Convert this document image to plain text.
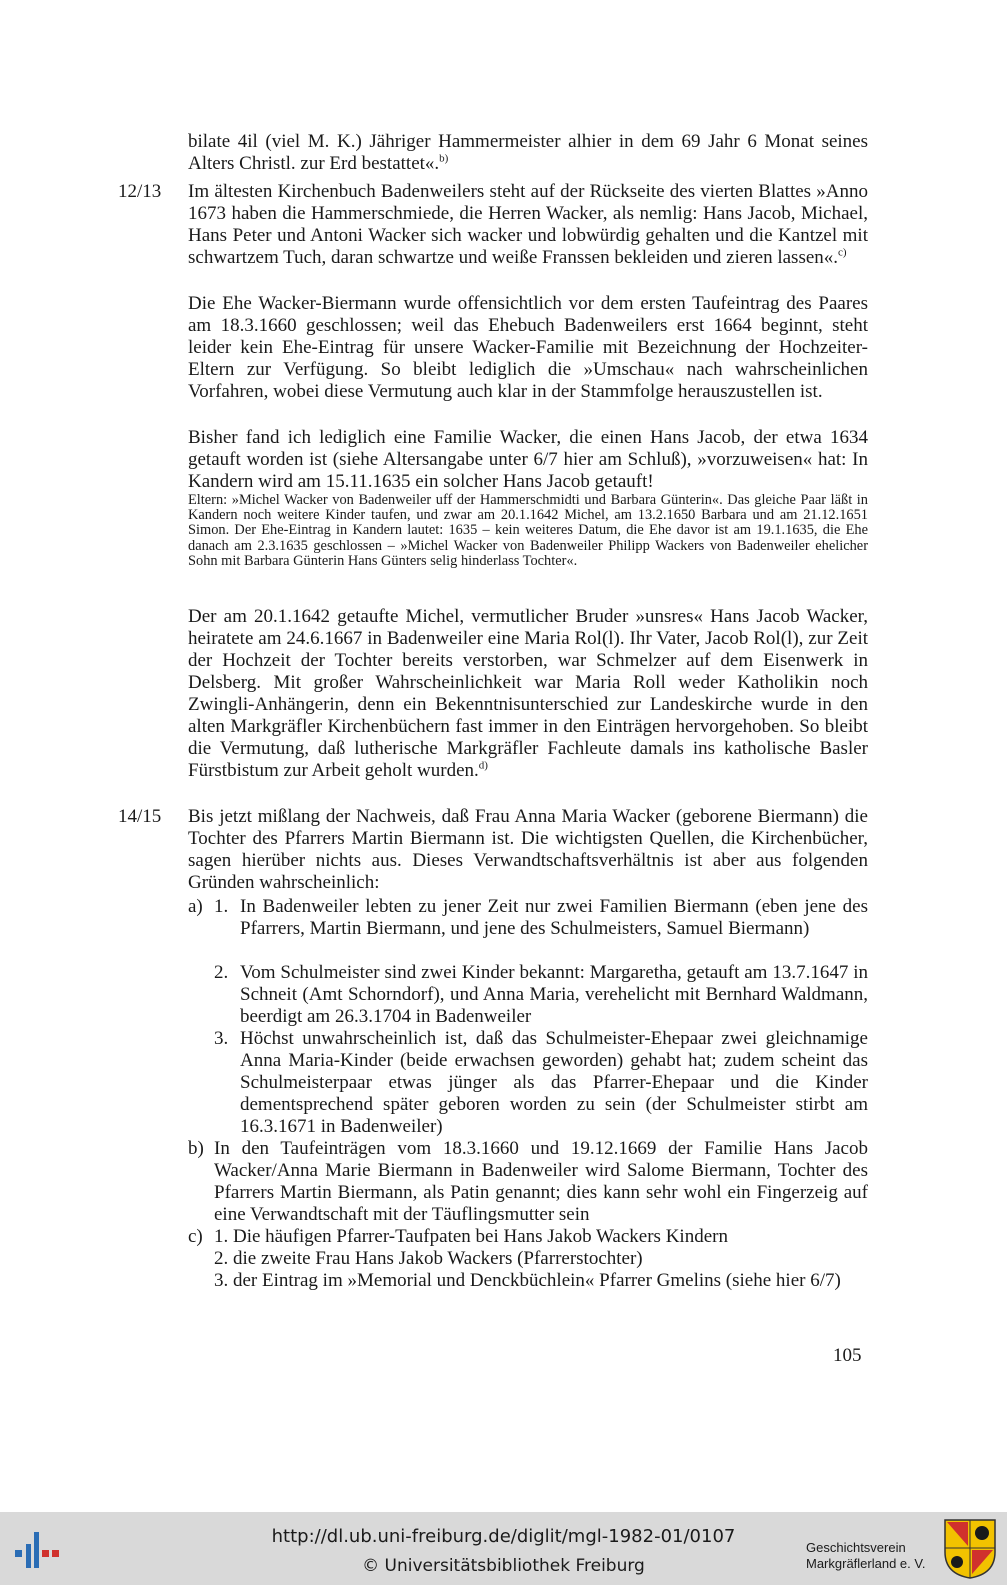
bilate 4il (viel M. K.) Jähriger Hammermeister alhier in dem 69 Jahr 6 Monat seines Alters Christl. zur Erd bestattet«.$^{b)}$

12/13 Im ältesten Kirchenbuch Badenweilers steht auf der Rückseite des vierten Blattes »Anno 1673 haben die Hammerschmiede, die Herren Wacker, als nemlig: Hans Jacob, Michael, Hans Peter und Antoni Wacker sich wacker und lobwürdig gehalten und die Kantzel mit schwartzem Tuch, daran schwartze und weiße Franssen bekleiden und zieren lassen«.$^{c)}$

Die Ehe Wacker-Biermann wurde offensichtlich vor dem ersten Taufeintrag des Paares am 18.3.1660 geschlossen; weil das Ehebuch Badenweilers erst 1664 beginnt, steht leider kein Ehe-Eintrag für unsere Wacker-Familie mit Bezeichnung der Hochzeiter-Eltern zur Verfügung. So bleibt lediglich die »Umschau« nach wahrscheinlichen Vorfahren, wobei diese Vermutung auch klar in der Stammfolge herauszustellen ist.

Bisher fand ich lediglich eine Familie Wacker, die einen Hans Jacob, der etwa 1634 getauft worden ist (siehe Altersangabe unter 6/7 hier am Schluß), »vorzuweisen« hat: In Kandern wird am 15.11.1635 ein solcher Hans Jacob getauft!

Eltern: »Michel Wacker von Badenweiler uff der Hammerschmidti und Barbara Günterin«. Das gleiche Paar läßt in Kandern noch weitere Kinder taufen, und zwar am 20.1.1642 Michel, am 13.2.1650 Barbara und am 21.12.1651 Simon. Der Ehe-Eintrag in Kandern lautet: 1635 – kein weiteres Datum, die Ehe davor ist am 19.1.1635, die Ehe danach am 2.3.1635 geschlossen – »Michel Wacker von Badenweiler Philipp Wackers von Badenweiler ehelicher Sohn mit Barbara Günterin Hans Günters selig hinderlass Tochter«.

Der am 20.1.1642 getaufte Michel, vermutlicher Bruder »unsres« Hans Jacob Wacker, heiratete am 24.6.1667 in Badenweiler eine Maria Rol(l). Ihr Vater, Jacob Rol(l), zur Zeit der Hochzeit der Tochter bereits verstorben, war Schmelzer auf dem Eisenwerk in Delsberg. Mit großer Wahrscheinlichkeit war Maria Roll weder Katholikin noch Zwingli-Anhängerin, denn ein Bekenntnisunterschied zur Landeskirche wurde in den alten Markgräfler Kirchenbüchern fast immer in den Einträgen hervorgehoben. So bleibt die Vermutung, daß lutherische Markgräfler Fachleute damals ins katholische Basler Fürstbistum zur Arbeit geholt wurden.$^{d)}$

14/15 Bis jetzt mißlang der Nachweis, daß Frau Anna Maria Wacker (geborene Biermann) die Tochter des Pfarrers Martin Biermann ist. Die wichtigsten Quellen, die Kirchenbücher, sagen hierüber nichts aus. Dieses Verwandtschaftsverhältnis ist aber aus folgenden Gründen wahrscheinlich:

a) 1. In Badenweiler lebten zu jener Zeit nur zwei Familien Biermann (eben jene des Pfarrers, Martin Biermann, und jene des Schulmeisters, Samuel Biermann)

2. Vom Schulmeister sind zwei Kinder bekannt: Margaretha, getauft am 13.7.1647 in Schneit (Amt Schorndorf), und Anna Maria, verehelicht mit Bernhard Waldmann, beerdigt am 26.3.1704 in Badenweiler

3. Höchst unwahrscheinlich ist, daß das Schulmeister-Ehepaar zwei gleichnamige Anna Maria-Kinder (beide erwachsen geworden) gehabt hat; zudem scheint das Schulmeisterpaar etwas jünger als das Pfarrer-Ehepaar und die Kinder dementsprechend später geboren worden zu sein (der Schulmeister stirbt am 16.3.1671 in Badenweiler)

b) In den Taufeinträgen vom 18.3.1660 und 19.12.1669 der Familie Hans Jacob Wacker/Anna Marie Biermann in Badenweiler wird Salome Biermann, Tochter des Pfarrers Martin Biermann, als Patin genannt; dies kann sehr wohl ein Fingerzeig auf eine Verwandtschaft mit der Täuflingsmutter sein

c) 1. Die häufigen Pfarrer-Taufpaten bei Hans Jakob Wackers Kindern

2. die zweite Frau Hans Jakob Wackers (Pfarrerstochter)

3. der Eintrag im »Memorial und Denckbüchlein« Pfarrer Gmelins (siehe hier 6/7)

105
http://dl.ub.uni-freiburg.de/diglit/mgl-1982-01/0107
© Universitätsbibliothek Freiburg
Geschichtsverein
Markgräflerland e. V.
